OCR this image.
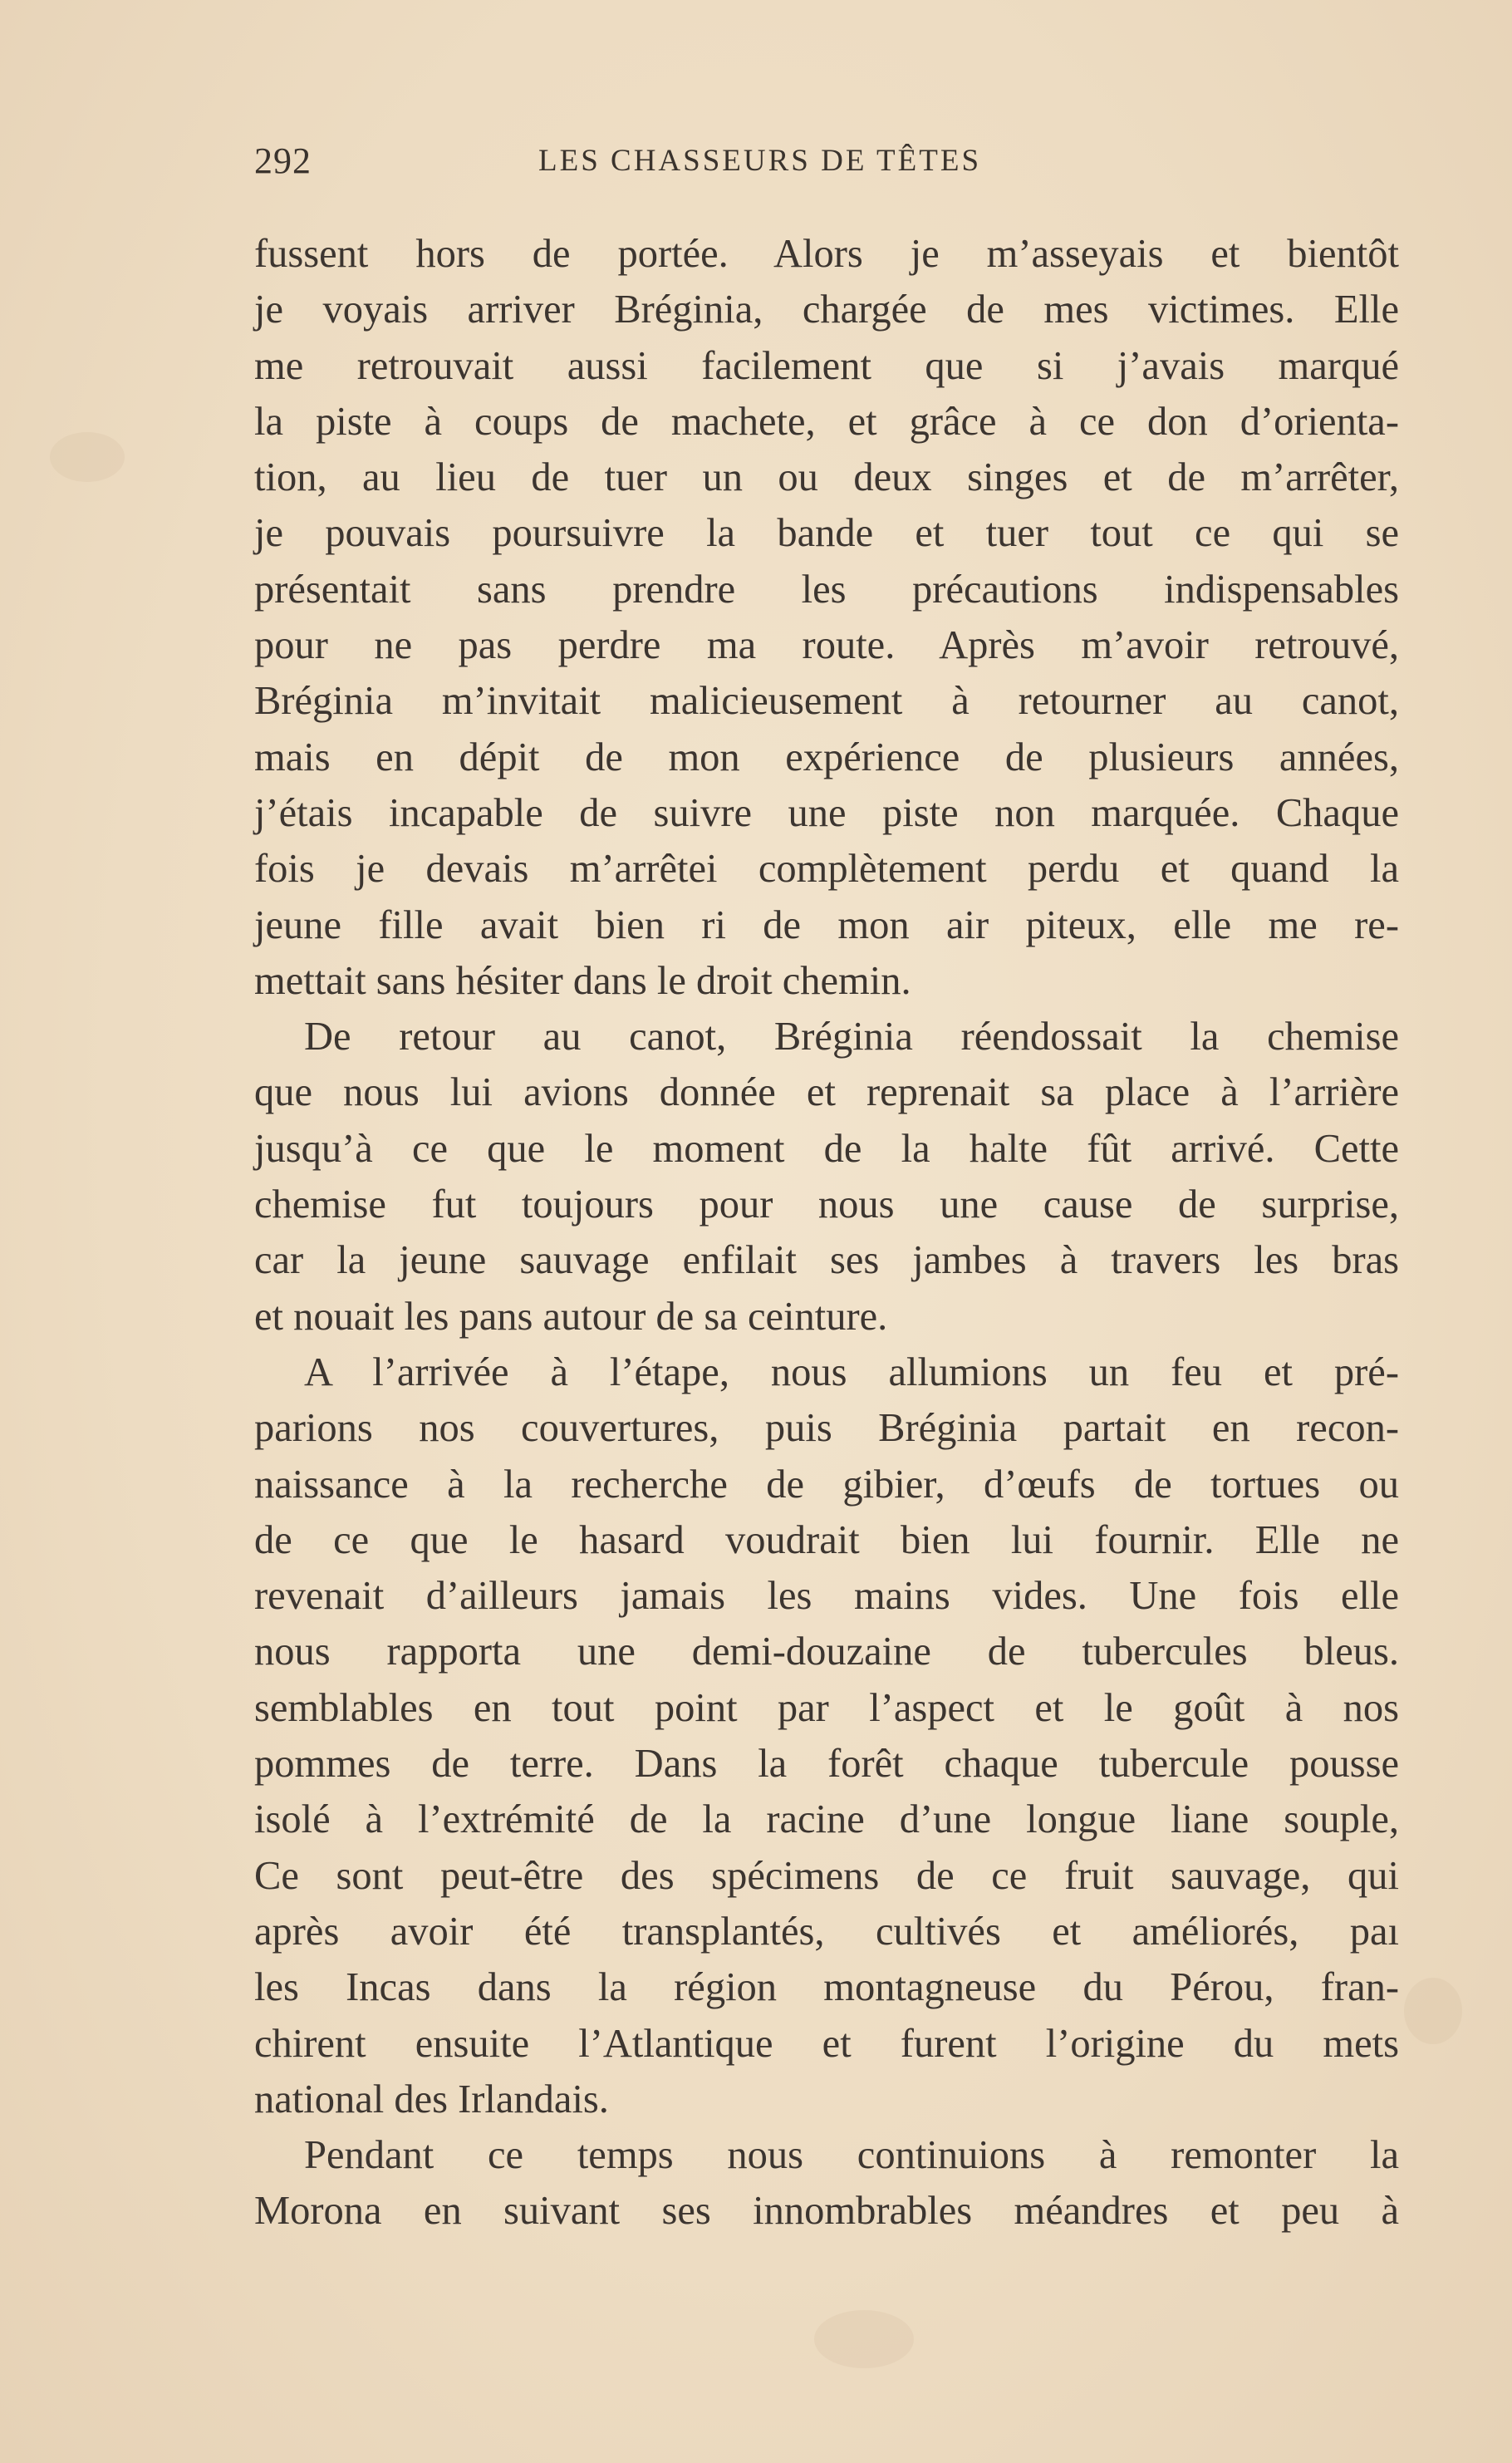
292	LES CHASSEURS DE TÊTES
fussent hors de portée. Alors je m’asseyais et bientôt
je voyais arriver Bréginia, chargée de mes victimes. Elle
me retrouvait aussi facilement que si j’avais marqué
la piste à coups de machete, et grâce à ce don d’orienta-
tion, au lieu de tuer un ou deux singes et de m’arrêter,
je pouvais poursuivre la bande et tuer tout ce qui se
présentait sans prendre les précautions indispensables
pour ne pas perdre ma route. Après m’avoir retrouvé,
Bréginia m’invitait malicieusement à retourner au canot,
mais en dépit de mon expérience de plusieurs années,
j’étais incapable de suivre une piste non marquée. Chaque
fois je devais m’arrêtei complètement perdu et quand la
jeune fille avait bien ri de mon air piteux, elle me re-
mettait sans hésiter dans le droit chemin.
De retour au canot, Bréginia réendossait la chemise
que nous lui avions donnée et reprenait sa place à l’arrière
jusqu’à ce que le moment de la halte fût arrivé. Cette
chemise fut toujours pour nous une cause de surprise,
car la jeune sauvage enfilait ses jambes à travers les bras
et nouait les pans autour de sa ceinture.
A l’arrivée à l’étape, nous allumions un feu et pré-
parions nos couvertures, puis Bréginia partait en recon-
naissance à la recherche de gibier, d’œufs de tortues ou
de ce que le hasard voudrait bien lui fournir. Elle ne
revenait d’ailleurs jamais les mains vides. Une fois elle
nous rapporta une demi-douzaine de tubercules bleus.
semblables en tout point par l’aspect et le goût à nos
pommes de terre. Dans la forêt chaque tubercule pousse
isolé à l’extrémité de la racine d’une longue liane souple,
Ce sont peut-être des spécimens de ce fruit sauvage, qui
après avoir été transplantés, cultivés et améliorés, paı
les Incas dans la région montagneuse du Pérou, fran-
chirent ensuite l’Atlantique et furent l’origine du mets
national des Irlandais.
Pendant ce temps nous continuions à remonter la
Morona en suivant ses innombrables méandres et peu à
